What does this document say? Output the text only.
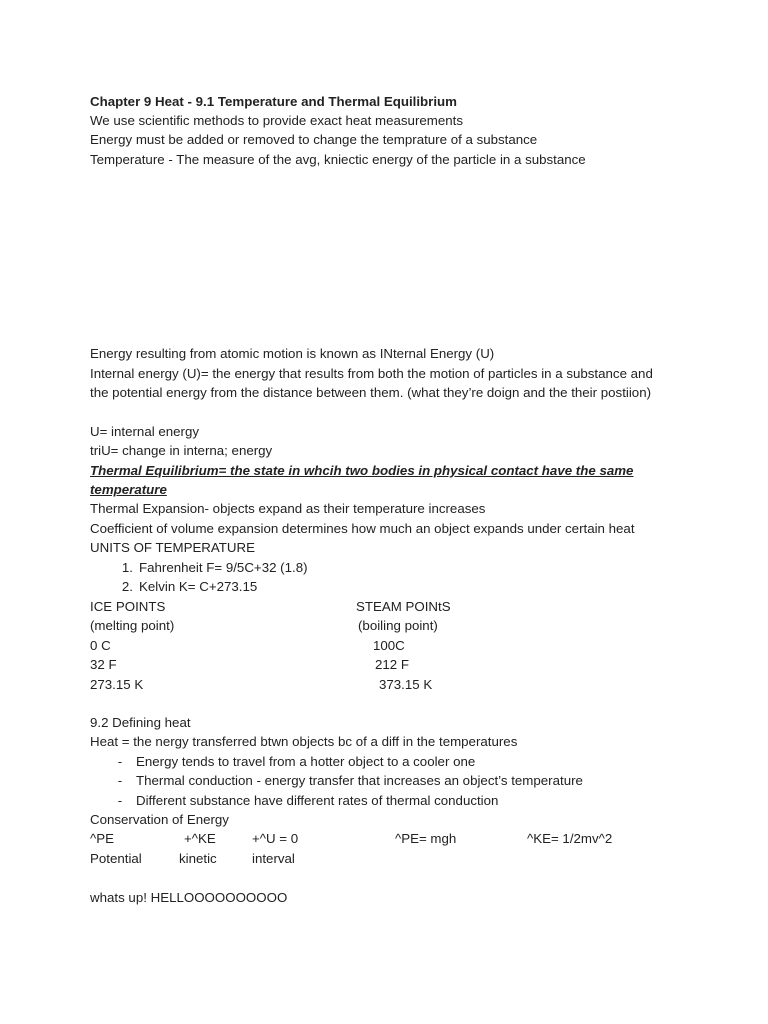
Chapter 9 Heat - 9.1 Temperature and Thermal Equilibrium
We use scientific methods to provide exact heat measurements
Energy must be added or removed to change the temprature of a substance
Temperature - The measure of the avg, kniectic energy of the particle in a substance
Energy resulting from atomic motion is known as INternal Energy (U)
Internal energy (U)= the energy that results from both the motion of particles in a substance and
the potential energy from the distance between them. (what they’re doign and the their postiion)
U= internal energy
triU= change in interna; energy
Thermal Equilibrium= the state in whcih two bodies in physical contact have the same
temperature
Thermal Expansion- objects expand as their temperature increases
Coefficient of volume expansion determines how much an object expands under certain heat
UNITS OF TEMPERATURE
1. Fahrenheit F= 9/5C+32 (1.8)
2. Kelvin K= C+273.15
ICE POINTS	STEAM POINtS
(melting point)	(boiling point)
0 C	100C
32 F	212 F
273.15 K	373.15 K
9.2 Defining heat
Heat = the nergy transferred btwn objects bc of a diff in the temperatures
- Energy tends to travel from a hotter object to a cooler one
- Thermal conduction - energy transfer that increases an object’s temperature
- Different substance have different rates of thermal conduction
Conservation of Energy
^PE	+^KE	+^U = 0	^PE= mgh	^KE= 1/2mv^2
Potential	kinetic	interval
whats up! HELLOOOOOOOOOO
